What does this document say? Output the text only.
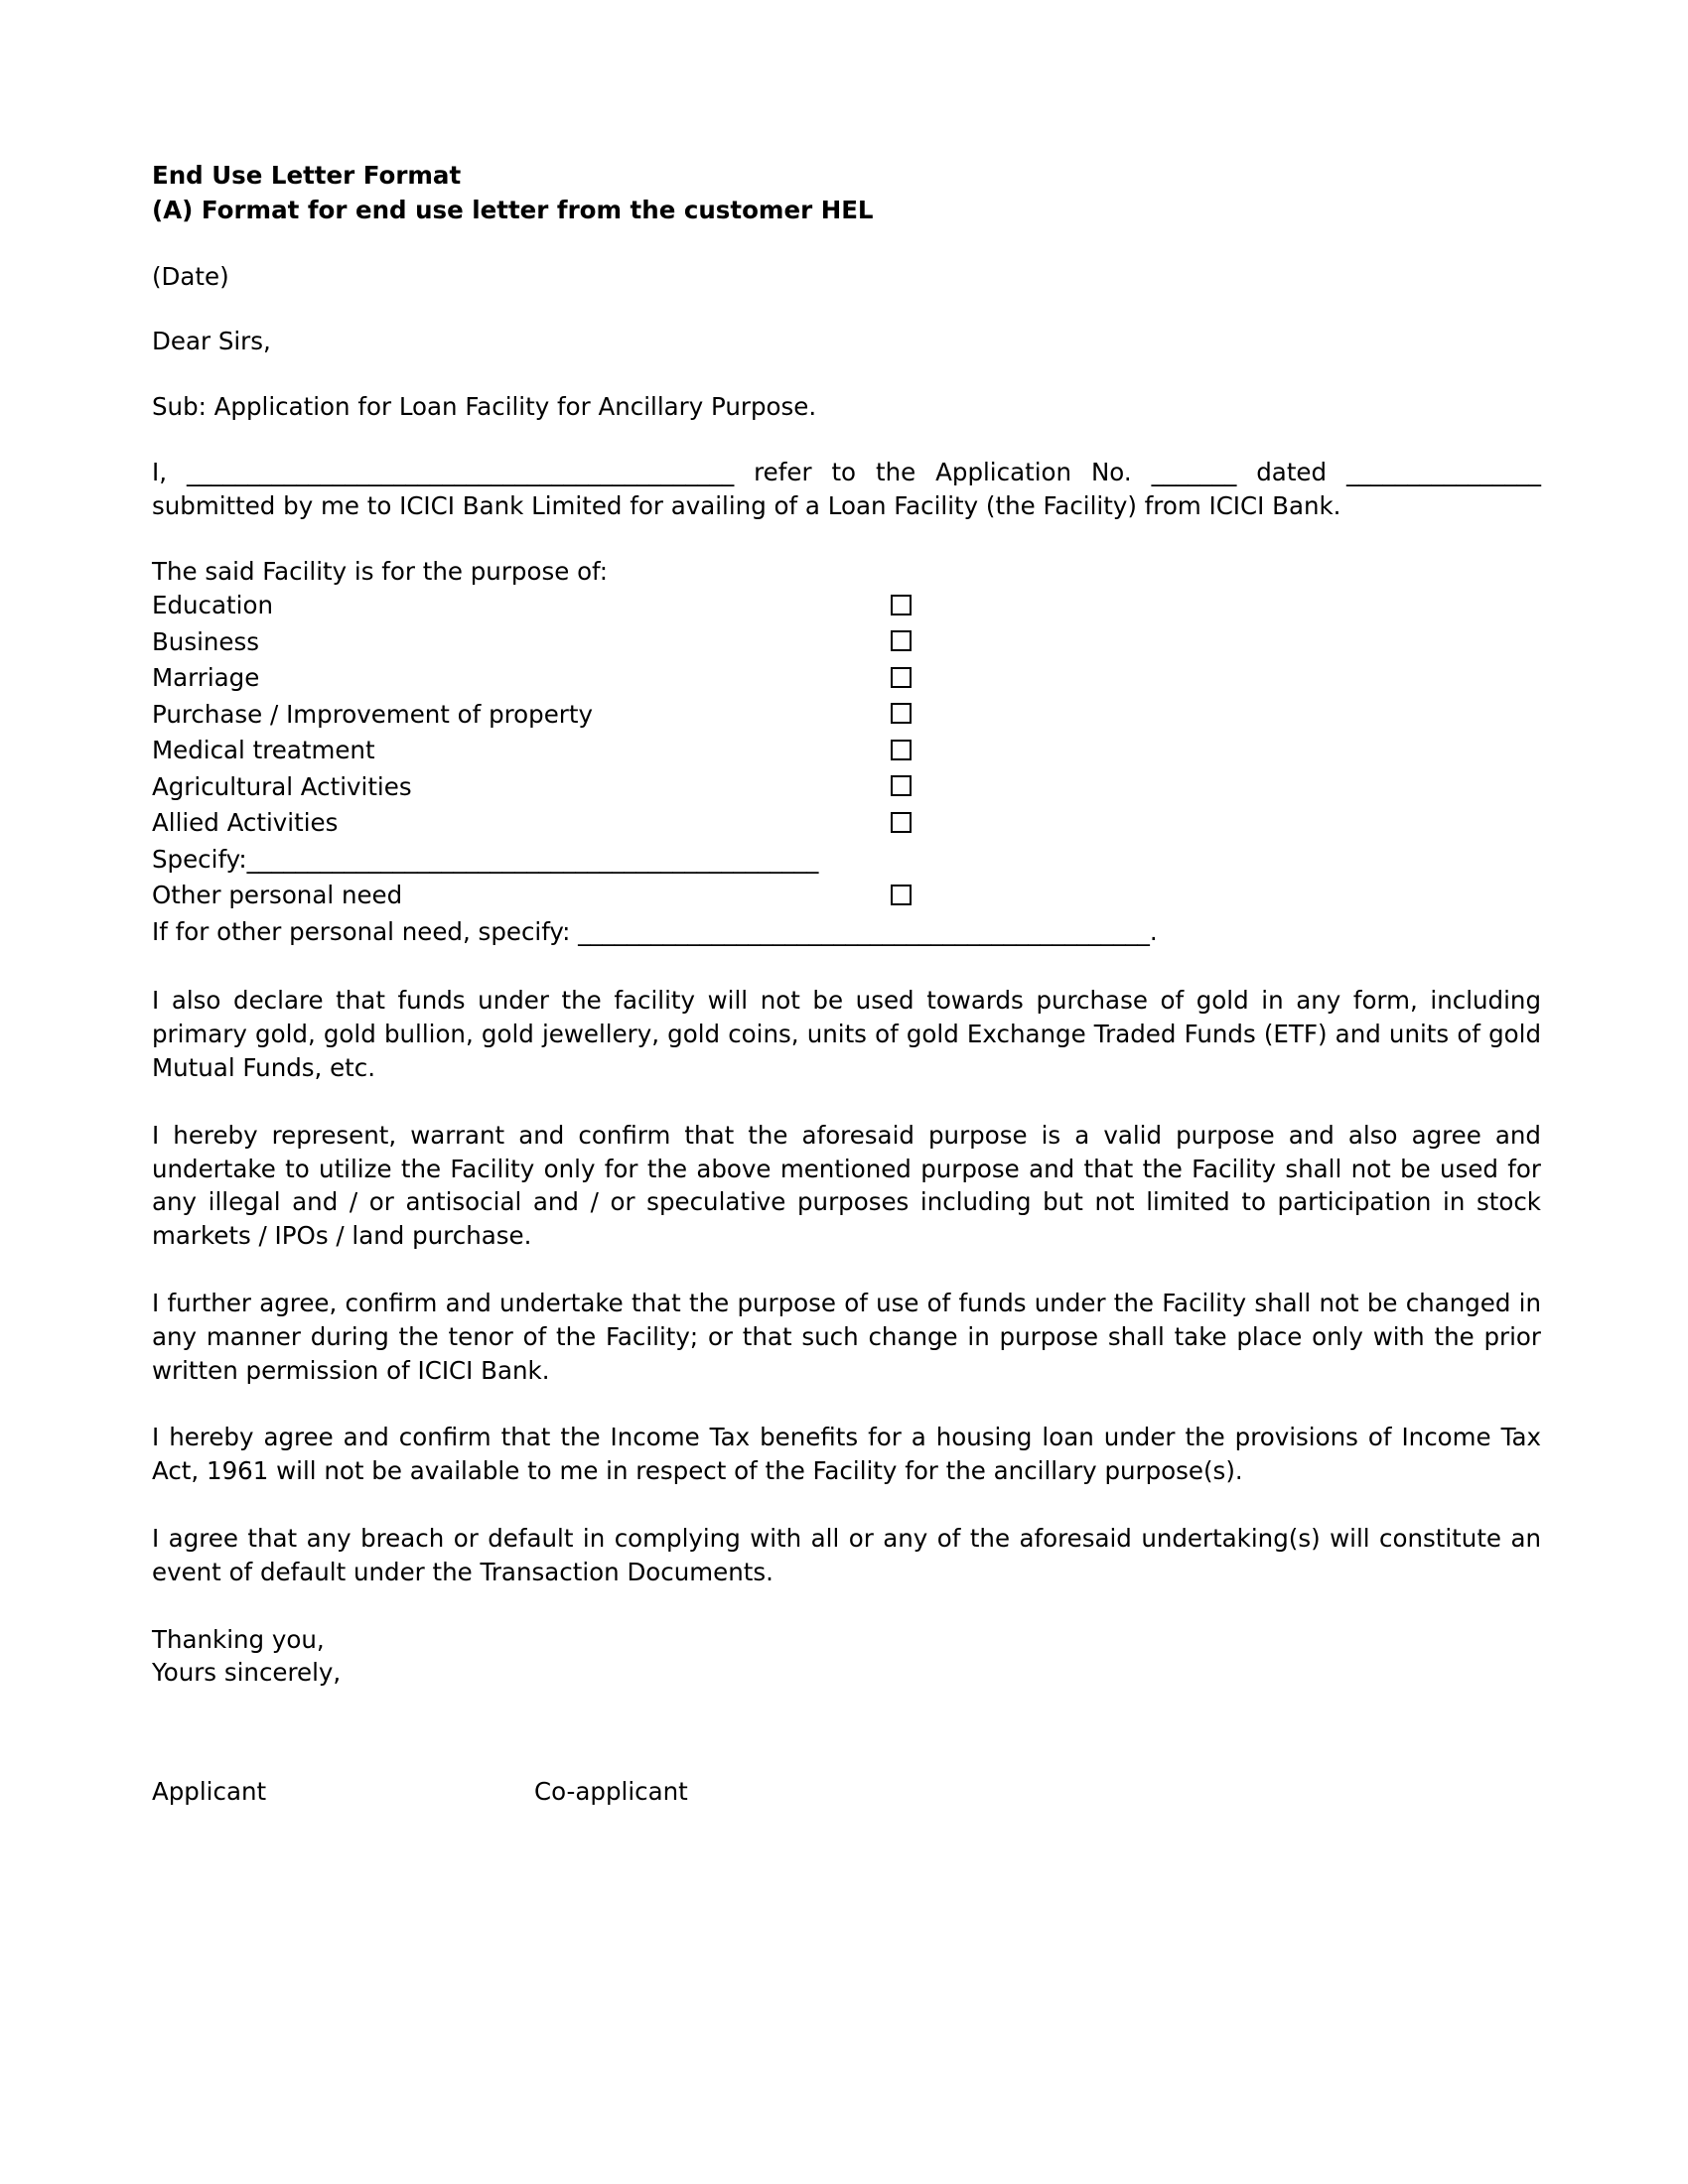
End Use Letter Format
(A) Format for end use letter from the customer HEL

(Date)

Dear Sirs,

Sub: Application for Loan Facility for Ancillary Purpose.

I, _____________________________________________ refer to the Application No. _______ dated ________________ submitted by me to ICICI Bank Limited for availing of a Loan Facility (the Facility) from ICICI Bank.

The said Facility is for the purpose of:
Education	
Business	
Marriage	
Purchase / Improvement of property	
Medical treatment	
Agricultural Activities	
Allied Activities	
Specify:_______________________________________________	
Other personal need	
If for other personal need, specify: _______________________________________________.

I also declare that funds under the facility will not be used towards purchase of gold in any form, including primary gold, gold bullion, gold jewellery, gold coins, units of gold Exchange Traded Funds (ETF) and units of gold Mutual Funds, etc.

I hereby represent, warrant and confirm that the aforesaid purpose is a valid purpose and also agree and undertake to utilize the Facility only for the above mentioned purpose and that the Facility shall not be used for any illegal and / or antisocial and / or speculative purposes including but not limited to participation in stock markets / IPOs / land purchase.

I further agree, confirm and undertake that the purpose of use of funds under the Facility shall not be changed in any manner during the tenor of the Facility; or that such change in purpose shall take place only with the prior written permission of ICICI Bank.

I hereby agree and confirm that the Income Tax benefits for a housing loan under the provisions of Income Tax Act, 1961 will not be available to me in respect of the Facility for the ancillary purpose(s).

I agree that any breach or default in complying with all or any of the aforesaid undertaking(s) will constitute an event of default under the Transaction Documents.

Thanking you,
Yours sincerely,
Applicant	Co-applicant
